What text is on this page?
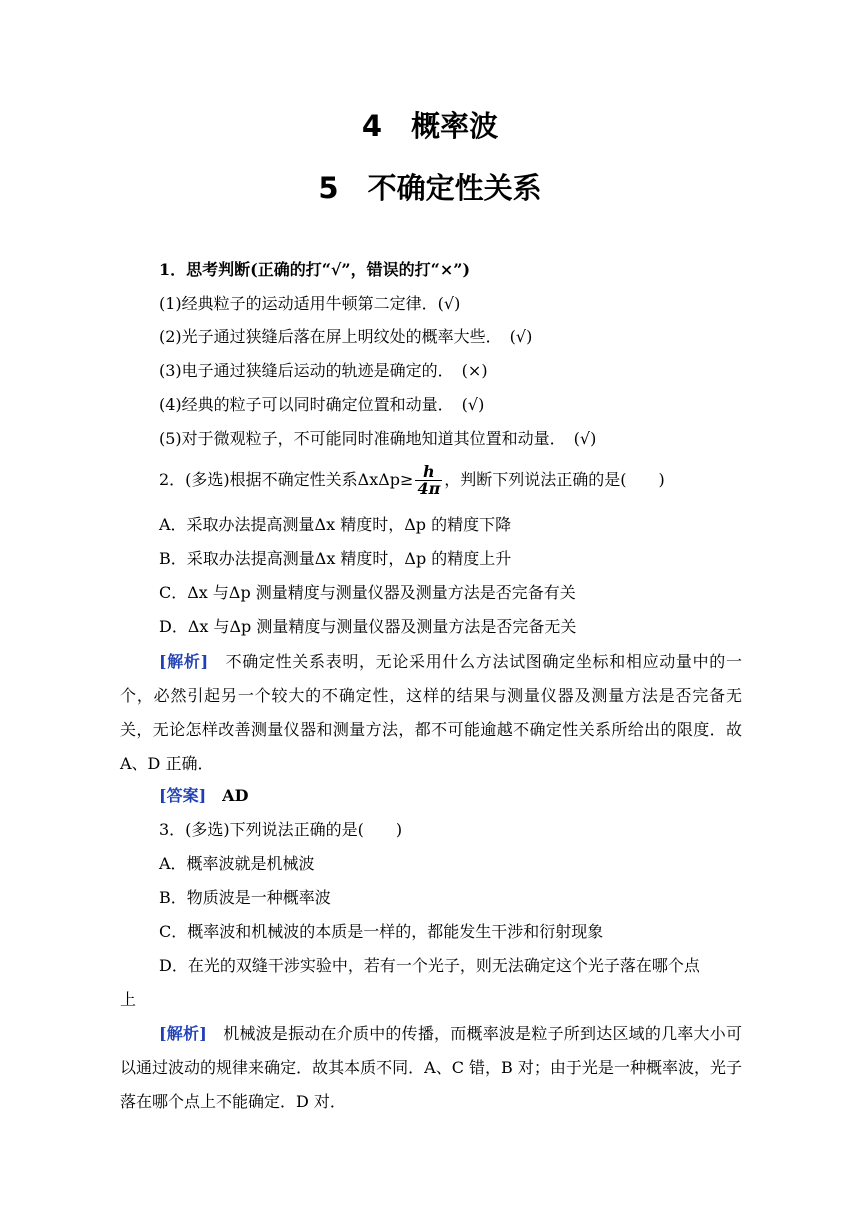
4　概率波
5　不确定性关系
1．思考判断(正确的打“√”，错误的打“×”)
(1)经典粒子的运动适用牛顿第二定律．(√)
(2)光子通过狭缝后落在屏上明纹处的概率大些．　(√)
(3)电子通过狭缝后运动的轨迹是确定的．　(×)
(4)经典的粒子可以同时确定位置和动量．　(√)
(5)对于微观粒子，不可能同时准确地知道其位置和动量．　(√)
2．(多选)根据不确定性关系$\Delta x\Delta p\ge \frac{h}{4\pi}$ ，判断下列说法正确的是(　　)
A．采取办法提高测量Δx 精度时，Δp 的精度下降
B．采取办法提高测量Δx 精度时，Δp 的精度上升
C．Δx 与Δp 测量精度与测量仪器及测量方法是否完备有关
D．Δx 与Δp 测量精度与测量仪器及测量方法是否完备无关
[解析]　 不确定性关系表明，无论采用什么方法试图确定坐标和相应动量中的一个，必然引起另一个较大的不确定性，这样的结果与测量仪器及测量方法是否完备无关，无论怎样改善测量仪器和测量方法，都不可能逾越不确定性关系所给出的限度．故 A、D 正确．
[答案]　 AD
3．(多选)下列说法正确的是(　　)
A．概率波就是机械波
B．物质波是一种概率波
C．概率波和机械波的本质是一样的，都能发生干涉和衍射现象
D．在光的双缝干涉实验中，若有一个光子，则无法确定这个光子落在哪个点
上
[解析]　 机械波是振动在介质中的传播，而概率波是粒子所到达区域的几率大小可以通过波动的规律来确定．故其本质不同．A、C 错，B 对；由于光是一种概率波，光子落在哪个点上不能确定．D 对．
